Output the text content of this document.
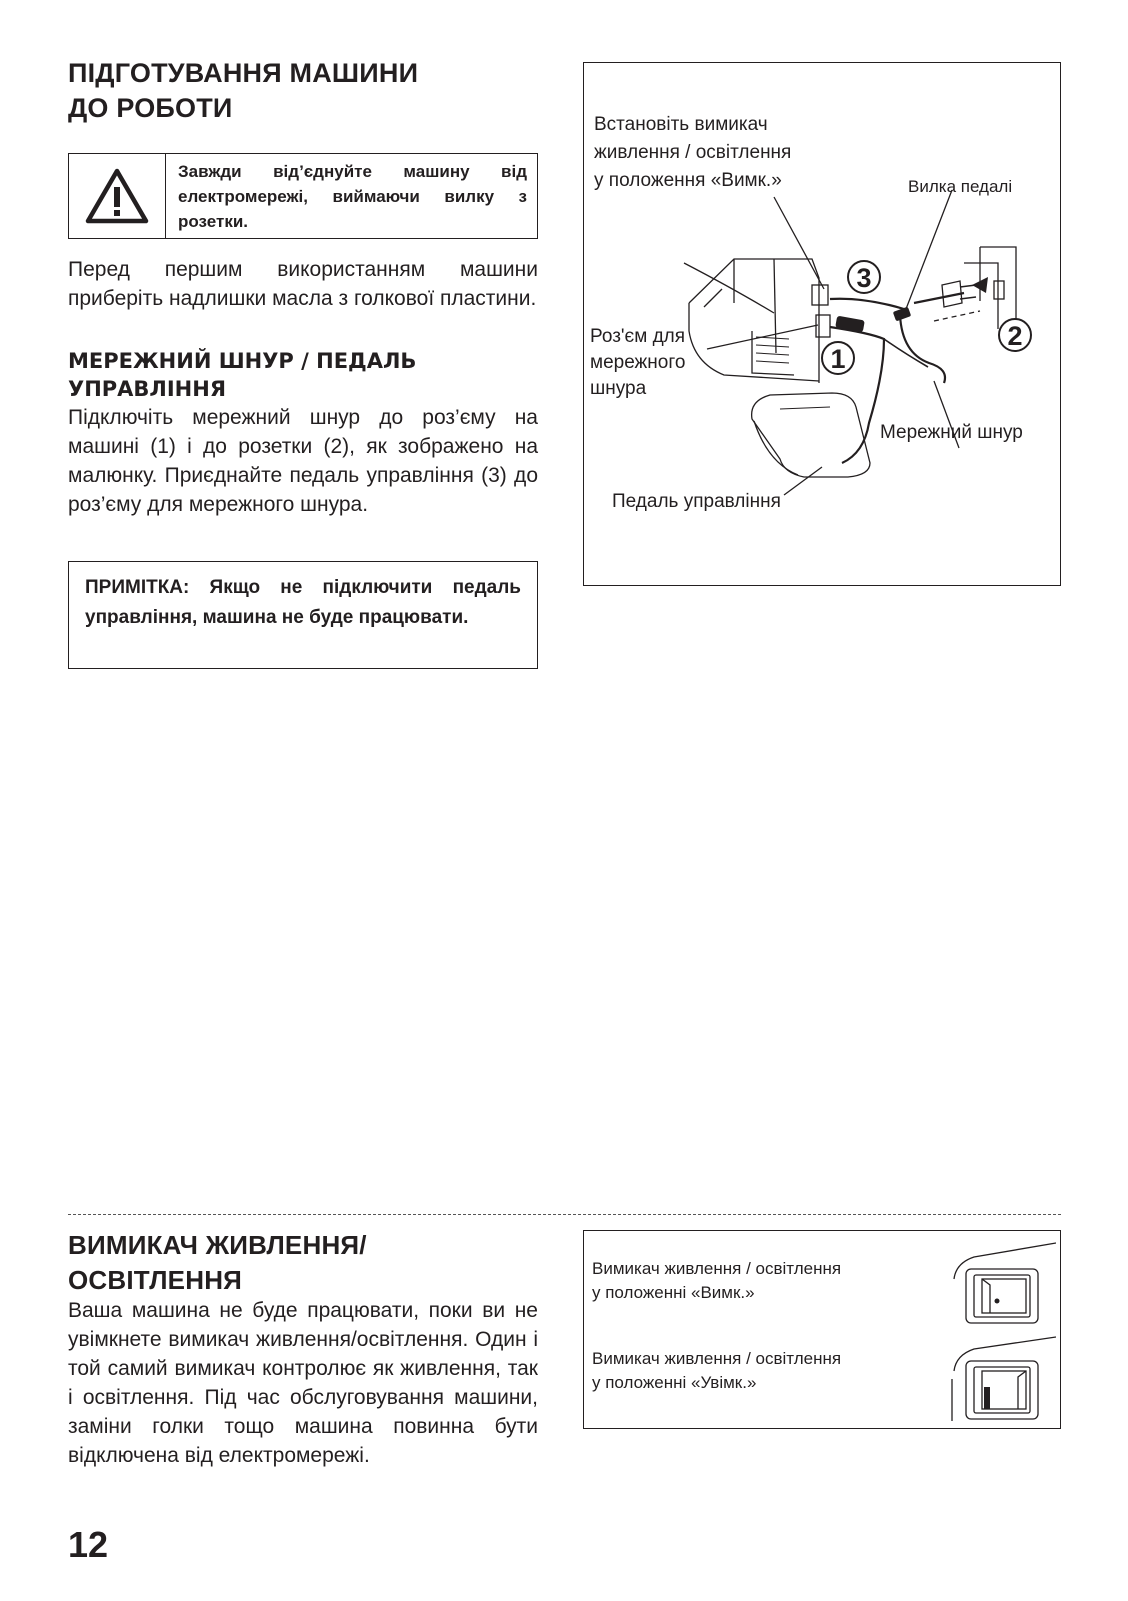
ПІДГОТУВАННЯ МАШИНИ
ДО РОБОТИ
Завжди від’єднуйте машину від електромережі, виймаючи вилку з розетки.

Перед першим використанням машини приберіть надлишки масла з голкової пластини.

МЕРЕЖНИЙ ШНУР / ПЕДАЛЬ
УПРАВЛІННЯ

Підключіть мережний шнур до роз’єму на машині (1) і до розетки (2), як зображено на малюнку. Приєднайте педаль управління (3) до роз’єму для мережного шнура.

ПРИМІТКА: Якщо не підключити педаль управління, машина не буде працювати.
Встановіть вимикач
живлення / освітлення
у положення «Вимк.»	Вилка педалі
Роз'єм для
мережного
шнура
Мережний шнур
Педаль управління
3
1
2
ВИМИКАЧ ЖИВЛЕННЯ/
ОСВІТЛЕННЯ

Ваша машина не буде працювати, поки ви не увімкнете вимикач живлення/освітлення. Один і той самий вимикач контролює як живлення, так і освітлення. Під час обслуговування машини, заміни голки тощо машина повинна бути відключена від електромережі.

Вимикач живлення / освітлення
у положенні «Вимк.»
Вимикач живлення / освітлення
у положенні «Увімк.»
12
